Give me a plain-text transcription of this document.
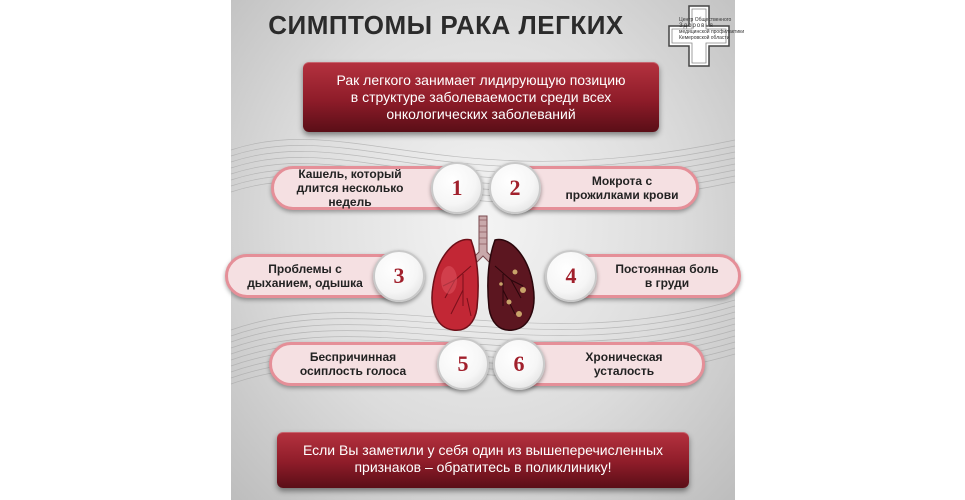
СИМПТОМЫ РАКА ЛЕГКИХ	Центр Общественного
Здоровья
медицинской профилактики
Кемеровской области
Рак легкого занимает лидирующую позицию
в структуре заболеваемости среди всех
онкологических заболеваний
Кашель, который
длится несколько
недель
1	Мокрота с
прожилками крови
2
Проблемы с
дыханием, одышка 3	Постоянная боль
в груди
4
Беспричинная
осиплость голоса 5	Хроническая
усталость
6
Если Вы заметили у себя один из вышеперечисленных
признаков – обратитесь в поликлинику!
